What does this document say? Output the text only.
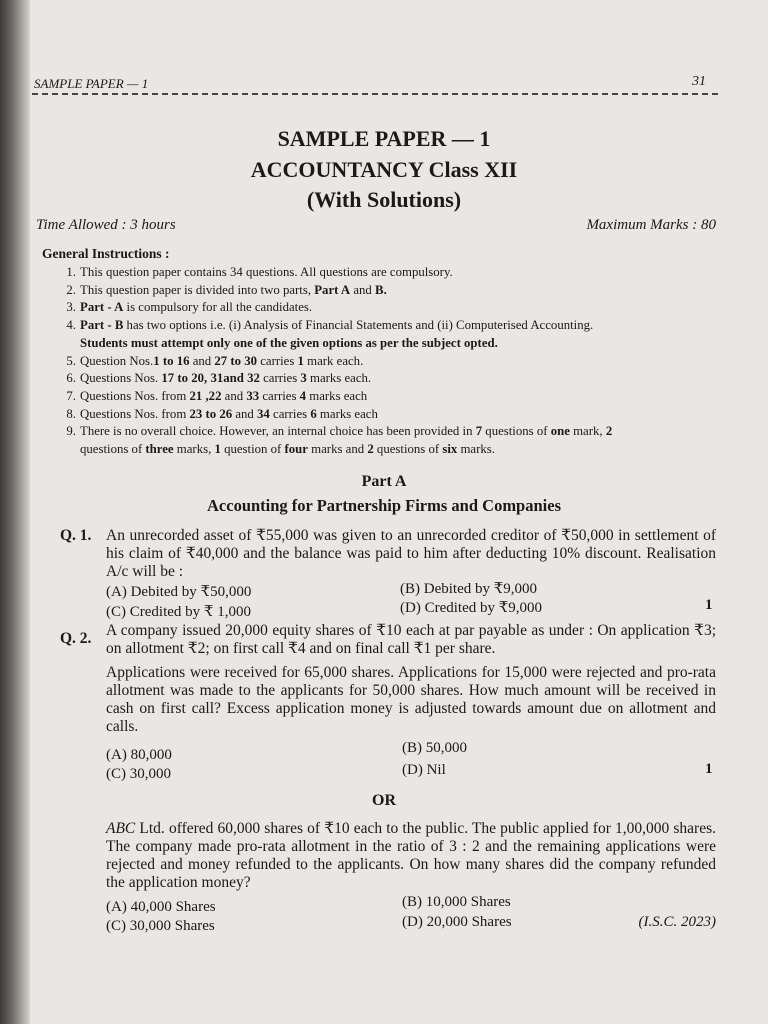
SAMPLE PAPER — 1	31
SAMPLE PAPER — 1
ACCOUNTANCY Class XII
(With Solutions)
Time Allowed : 3 hours	Maximum Marks : 80
General Instructions :
1. This question paper contains 34 questions. All questions are compulsory.
2. This question paper is divided into two parts, Part A and B.
3. Part - A is compulsory for all the candidates.
4. Part - B has two options i.e. (i) Analysis of Financial Statements and (ii) Computerised Accounting.
Students must attempt only one of the given options as per the subject opted.
5. Question Nos.1 to 16 and 27 to 30 carries 1 mark each.
6. Questions Nos. 17 to 20, 31and 32 carries 3 marks each.
7. Questions Nos. from 21 ,22 and 33 carries 4 marks each
8. Questions Nos. from 23 to 26 and 34 carries 6 marks each
9. There is no overall choice. However, an internal choice has been provided in 7 questions of one mark, 2
questions of three marks, 1 question of four marks and 2 questions of six marks.
Part A
Accounting for Partnership Firms and Companies
Q. 1. An unrecorded asset of ₹55,000 was given to an unrecorded creditor of ₹50,000 in settlement of his claim of ₹40,000 and the balance was paid to him after deducting 10% discount. Realisation A/c will be :
(A) Debited by ₹50,000	(B) Debited by ₹9,000
(C) Credited by ₹ 1,000	(D) Credited by ₹9,000	1
Q. 2. A company issued 20,000 equity shares of ₹10 each at par payable as under : On application ₹3; on allotment ₹2; on first call ₹4 and on final call ₹1 per share.
Applications were received for 65,000 shares. Applications for 15,000 were rejected and pro-rata allotment was made to the applicants for 50,000 shares. How much amount will be received in cash on first call? Excess application money is adjusted towards amount due on allotment and calls.
(A) 80,000	(B) 50,000
(C) 30,000	(D) Nil	1
OR
ABC Ltd. offered 60,000 shares of ₹10 each to the public. The public applied for 1,00,000 shares. The company made pro-rata allotment in the ratio of 3 : 2 and the remaining applications were rejected and money refunded to the applicants. On how many shares did the company refunded the application money?
(A) 40,000 Shares	(B) 10,000 Shares
(C) 30,000 Shares	(D) 20,000 Shares	(I.S.C. 2023)
